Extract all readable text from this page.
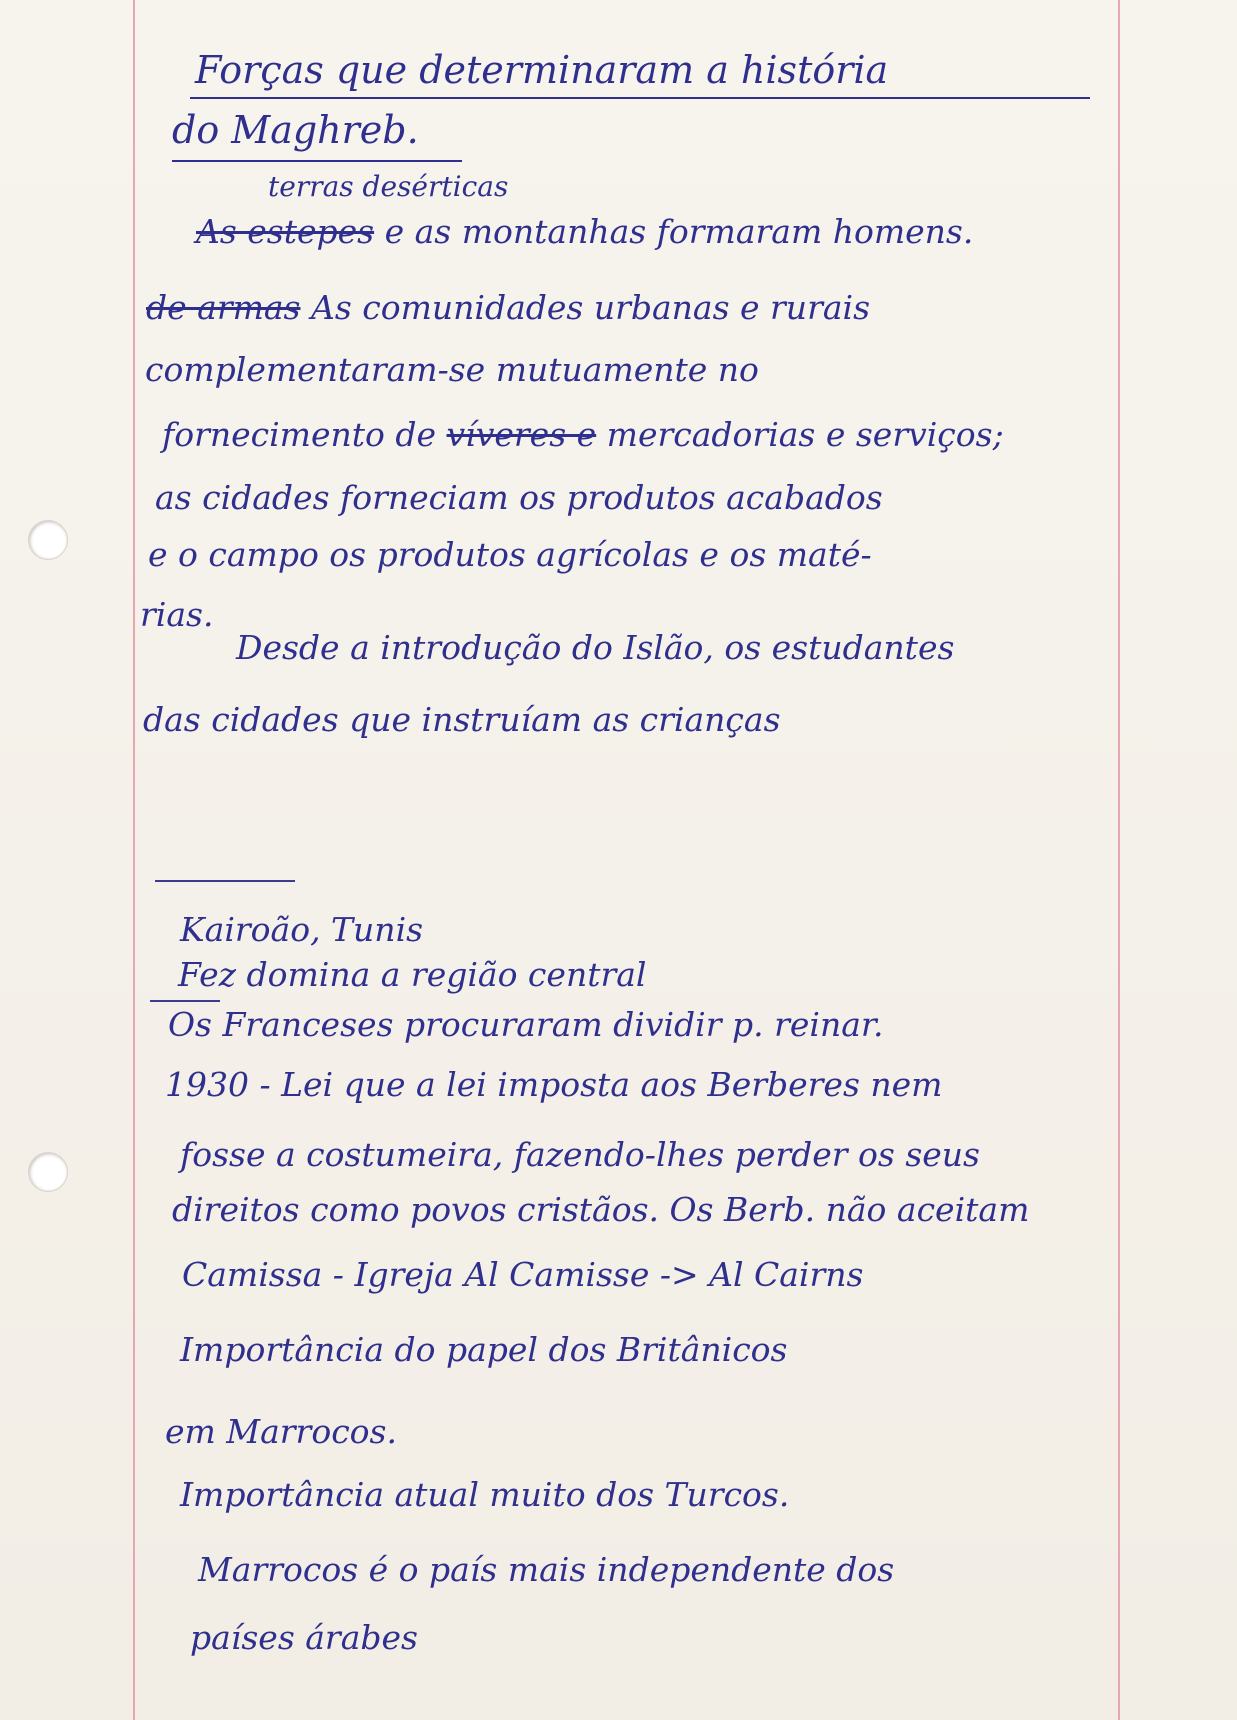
Forças que determinaram a história
do Maghreb.
terras desérticas
As estepes e as montanhas formaram homens.
de armas As comunidades urbanas e rurais
complementaram-se mutuamente no
fornecimento de víveres e mercadorias e serviços;
as cidades forneciam os produtos acabados
e o campo os produtos agrícolas e os maté-
rias.
Desde a introdução do Islão, os estudantes
das cidades que instruíam as crianças
Kairoão, Tunis
Fez domina a região central
Os Franceses procuraram dividir p. reinar.
1930 - Lei que a lei imposta aos Berberes nem
fosse a costumeira, fazendo-lhes perder os seus
direitos como povos cristãos. Os Berb. não aceitam
Camissa - Igreja Al Camisse -> Al Cairns
Importância do papel dos Britânicos
em Marrocos.
Importância atual muito dos Turcos.
Marrocos é o país mais independente dos
países árabes
